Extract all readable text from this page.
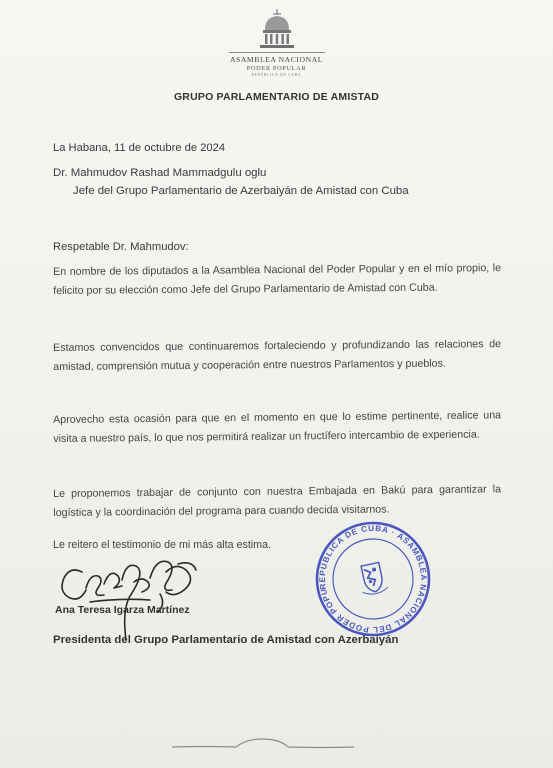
ASAMBLEA NACIONAL
PODER POPULAR
REPÚBLICA DE CUBA
GRUPO PARLAMENTARIO DE AMISTAD
La Habana, 11 de octubre de 2024
Dr. Mahmudov Rashad Mammadgulu oglu
Jefe del Grupo Parlamentario de Azerbaiyán de Amistad con Cuba
Respetable Dr. Mahmudov:
En nombre de los diputados a la Asamblea Nacional del Poder Popular y en el mío propio, le felicito por su elección como Jefe del Grupo Parlamentario de Amistad con Cuba.
Estamos convencidos que continuaremos fortaleciendo y profundizando las relaciones de amistad, comprensión mutua y cooperación entre nuestros Parlamentos y pueblos.
Aprovecho esta ocasión para que en el momento en que lo estime pertinente, realice una visita a nuestro país, lo que nos permitirá realizar un fructífero intercambio de experiencia.
Le proponemos trabajar de conjunto con nuestra Embajada en Bakú para garantizar la logística y la coordinación del programa para cuando decida visitarnos.
Le reitero el testimonio de mi más alta estima.
REPÚBLICA DE CUBA · ASAMBLEA NACIONAL DEL PODER POPULAR
Ana Teresa Igarza Martínez
Presidenta del Grupo Parlamentario de Amistad con Azerbaiyán
